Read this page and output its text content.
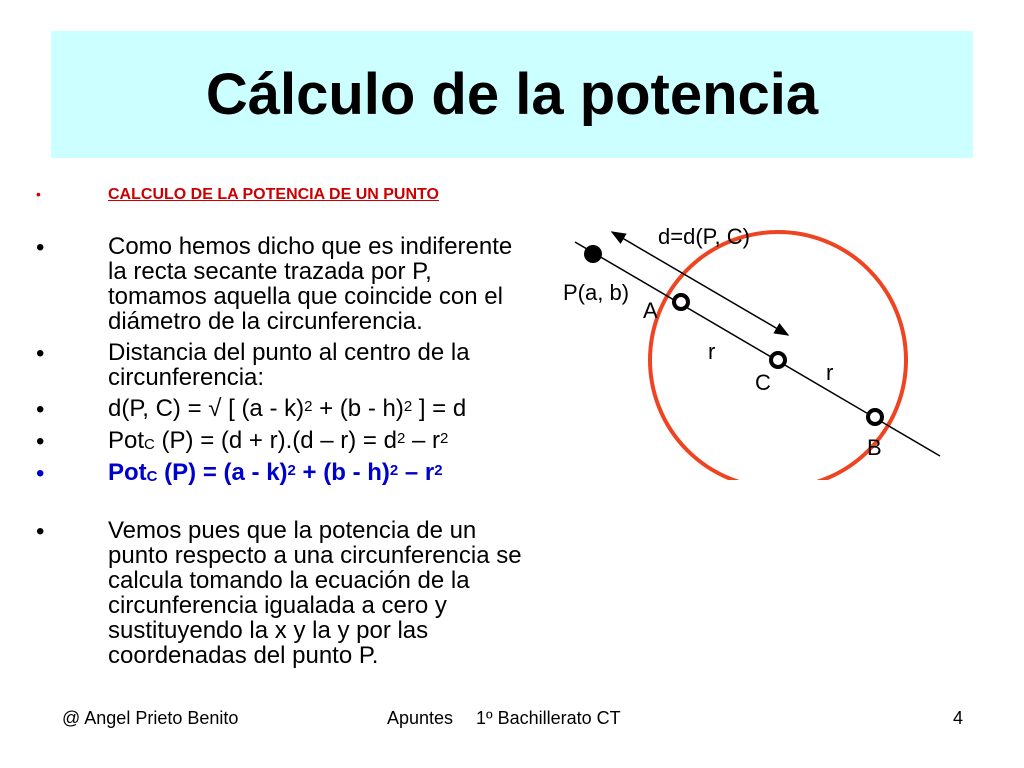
Cálculo de la potencia
•	CALCULO DE LA POTENCIA DE UN PUNTO
•	Como hemos dicho que es indiferente
la recta secante trazada por P,
tomamos aquella que coincide con el
diámetro de la circunferencia.
•	Distancia del punto al centro de la
circunferencia:
•	d(P, C) = √ [ (a - k)$^2$ + (b - h)$^2$ ] = d
•	Pot$_C$ $(P) = (d + r).(d - r) = d^2 - r^2$
•	Pot$_C$ $(P) = (a - k)^2 + (b - h)^2 - r^2$
•	Vemos pues que la potencia de un
punto respecto a una circunferencia se
calcula tomando la ecuación de la
circunferencia igualada a cero y
sustituyendo la x y la y por las
coordenadas del punto P.
d=d(P, C)
P(a, b)
A
r
r
C
B
@ Angel Prieto Benito	Apuntes 1º Bachillerato CT	4
